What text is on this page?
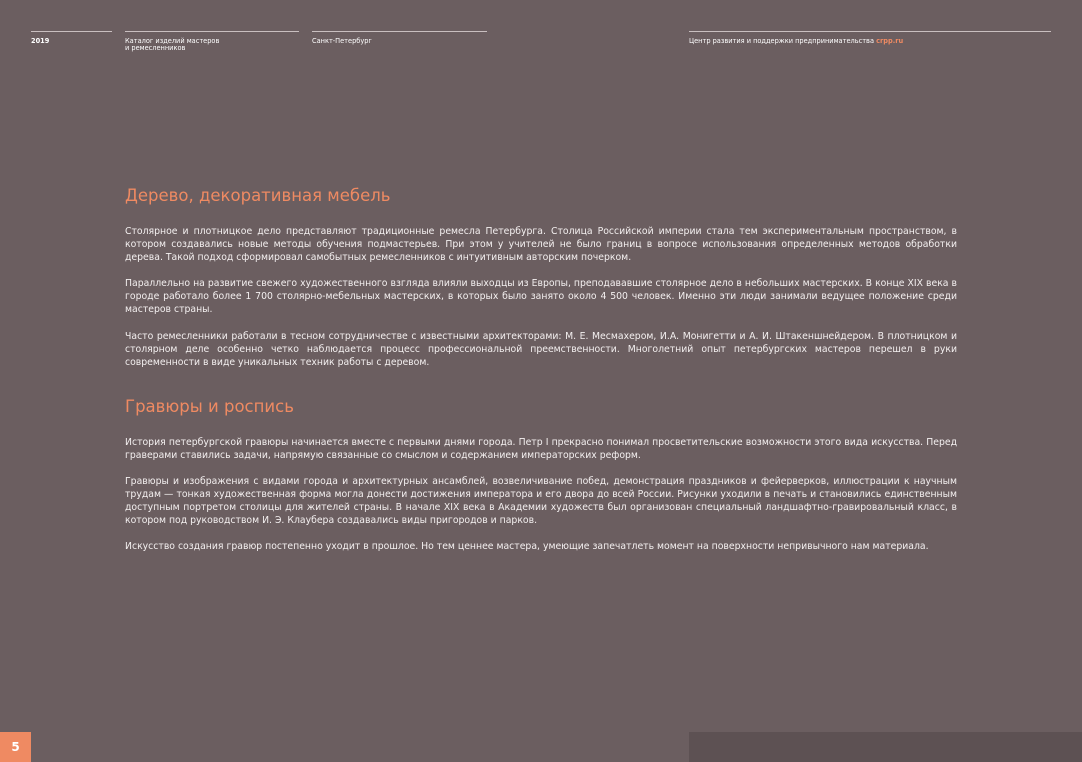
2019	Каталог изделий мастеров
и ремесленников
Санкт-Петербург	Центр развития и поддержки предпринимательства crpp.ru
Дерево, декоративная мебель

Столярное и плотницкое дело представляют традиционные ремесла Петербурга. Столица Российской империи стала тем экспериментальным пространством, в котором создавались новые методы обучения подмастерьев. При этом у учителей не было границ в вопросе использования определенных методов обработки дерева. Такой подход сформировал самобытных ремесленников с интуитивным авторским почерком.

Параллельно на развитие свежего художественного взгляда влияли выходцы из Европы, преподававшие столярное дело в небольших мастерских. В конце XIX века в городе работало более 1 700 столярно-мебельных мастерских, в которых было занято около 4 500 человек. Именно эти люди занимали ведущее положение среди мастеров страны.

Часто ремесленники работали в тесном сотрудничестве с известными архитекторами: М. Е. Месмахером, И.А. Монигетти и А. И. Штакеншнейдером. В плотницком и столярном деле особенно четко наблюдается процесс профессиональной преемственности. Многолетний опыт петербургских мастеров перешел в руки современности в виде уникальных техник работы с деревом.

Гравюры и роспись

История петербургской гравюры начинается вместе с первыми днями города. Петр I прекрасно понимал просветительские возможности этого вида искусства. Перед граверами ставились задачи, напрямую связанные со смыслом и содержанием императорских реформ.

Гравюры и изображения с видами города и архитектурных ансамблей, возвеличивание побед, демонстрация праздников и фейерверков, иллюстрации к научным трудам — тонкая художественная форма могла донести достижения императора и его двора до всей России. Рисунки уходили в печать и становились единственным доступным портретом столицы для жителей страны. В начале XIX века в Академии художеств был организован специальный ландшафтно-гравировальный класс, в котором под руководством И. Э. Клаубера создавались виды пригородов и парков.

Искусство создания гравюр постепенно уходит в прошлое. Но тем ценнее мастера, умеющие запечатлеть момент на поверхности непривычного нам материала.

5
